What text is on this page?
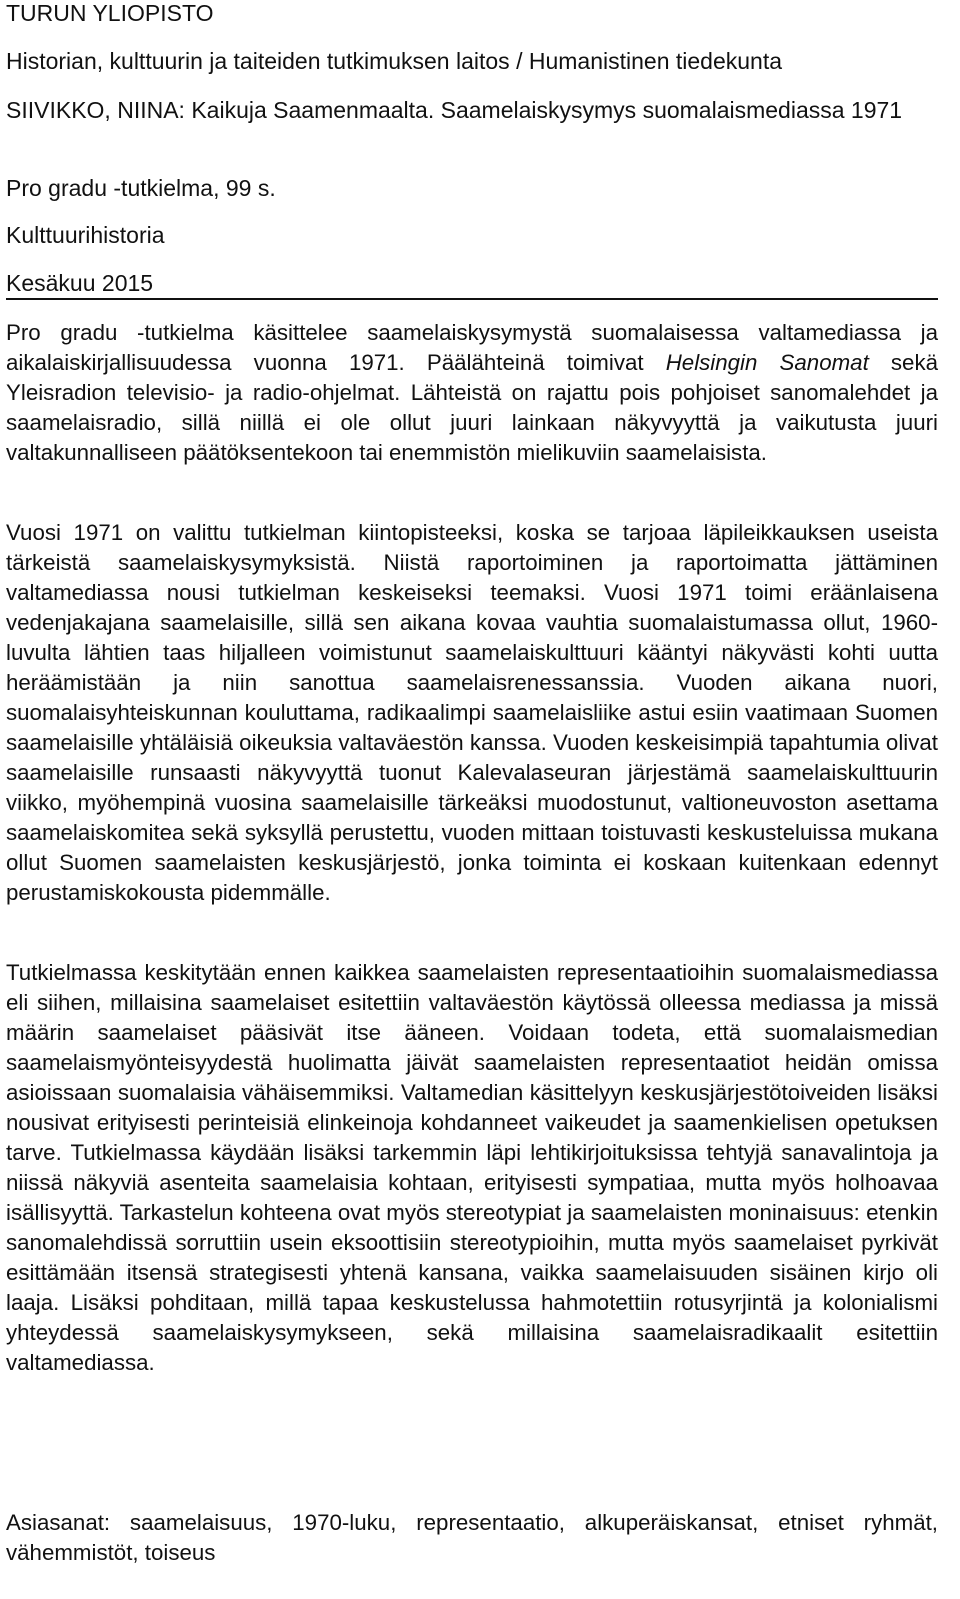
TURUN YLIOPISTO
Historian, kulttuurin ja taiteiden tutkimuksen laitos / Humanistinen tiedekunta
SIIVIKKO, NIINA: Kaikuja Saamenmaalta. Saamelaiskysymys suomalaismediassa 1971
Pro gradu -tutkielma, 99 s.
Kulttuurihistoria
Kesäkuu 2015

Pro gradu -tutkielma käsittelee saamelaiskysymystä suomalaisessa valtamediassa ja aikalaiskirjallisuudessa vuonna 1971. Päälähteinä toimivat Helsingin Sanomat sekä Yleisradion televisio- ja radio-ohjelmat. Lähteistä on rajattu pois pohjoiset sanomalehdet ja saamelaisradio, sillä niillä ei ole ollut juuri lainkaan näkyvyyttä ja vaikutusta juuri valtakunnalliseen päätöksentekoon tai enemmistön mielikuviin saamelaisista.

Vuosi 1971 on valittu tutkielman kiintopisteeksi, koska se tarjoaa läpileikkauksen useista tärkeistä saamelaiskysymyksistä. Niistä raportoiminen ja raportoimatta jättäminen valtamediassa nousi tutkielman keskeiseksi teemaksi. Vuosi 1971 toimi eräänlaisena vedenjakajana saamelaisille, sillä sen aikana kovaa vauhtia suomalaistumassa ollut, 1960-luvulta lähtien taas hiljalleen voimistunut saamelaiskulttuuri kääntyi näkyvästi kohti uutta heräämistään ja niin sanottua saamelaisrenessanssia. Vuoden aikana nuori, suomalaisyhteiskunnan kouluttama, radikaalimpi saamelaisliike astui esiin vaatimaan Suomen saamelaisille yhtäläisiä oikeuksia valtaväestön kanssa. Vuoden keskeisimpiä tapahtumia olivat saamelaisille runsaasti näkyvyyttä tuonut Kalevalaseuran järjestämä saamelaiskulttuurin viikko, myöhempinä vuosina saamelaisille tärkeäksi muodostunut, valtioneuvoston asettama saamelaiskomitea sekä syksyllä perustettu, vuoden mittaan toistuvasti keskusteluissa mukana ollut Suomen saamelaisten keskusjärjestö, jonka toiminta ei koskaan kuitenkaan edennyt perustamiskokousta pidemmälle.

Tutkielmassa keskitytään ennen kaikkea saamelaisten representaatioihin suomalaismediassa eli siihen, millaisina saamelaiset esitettiin valtaväestön käytössä olleessa mediassa ja missä määrin saamelaiset pääsivät itse ääneen. Voidaan todeta, että suomalaismedian saamelaismyönteisyydestä huolimatta jäivät saamelaisten representaatiot heidän omissa asioissaan suomalaisia vähäisemmiksi. Valtamedian käsittelyyn keskusjärjestötoiveiden lisäksi nousivat erityisesti perinteisiä elinkeinoja kohdanneet vaikeudet ja saamenkielisen opetuksen tarve. Tutkielmassa käydään lisäksi tarkemmin läpi lehtikirjoituksissa tehtyjä sanavalintoja ja niissä näkyviä asenteita saamelaisia kohtaan, erityisesti sympatiaa, mutta myös holhoavaa isällisyyttä. Tarkastelun kohteena ovat myös stereotypiat ja saamelaisten moninaisuus: etenkin sanomalehdissä sorruttiin usein eksoottisiin stereotypioihin, mutta myös saamelaiset pyrkivät esittämään itsensä strategisesti yhtenä kansana, vaikka saamelaisuuden sisäinen kirjo oli laaja. Lisäksi pohditaan, millä tapaa keskustelussa hahmotettiin rotusyrjintä ja kolonialismi yhteydessä saamelaiskysymykseen, sekä millaisina saamelaisradikaalit esitettiin valtamediassa.

Asiasanat: saamelaisuus, 1970-luku, representaatio, alkuperäiskansat, etniset ryhmät, vähemmistöt, toiseus
